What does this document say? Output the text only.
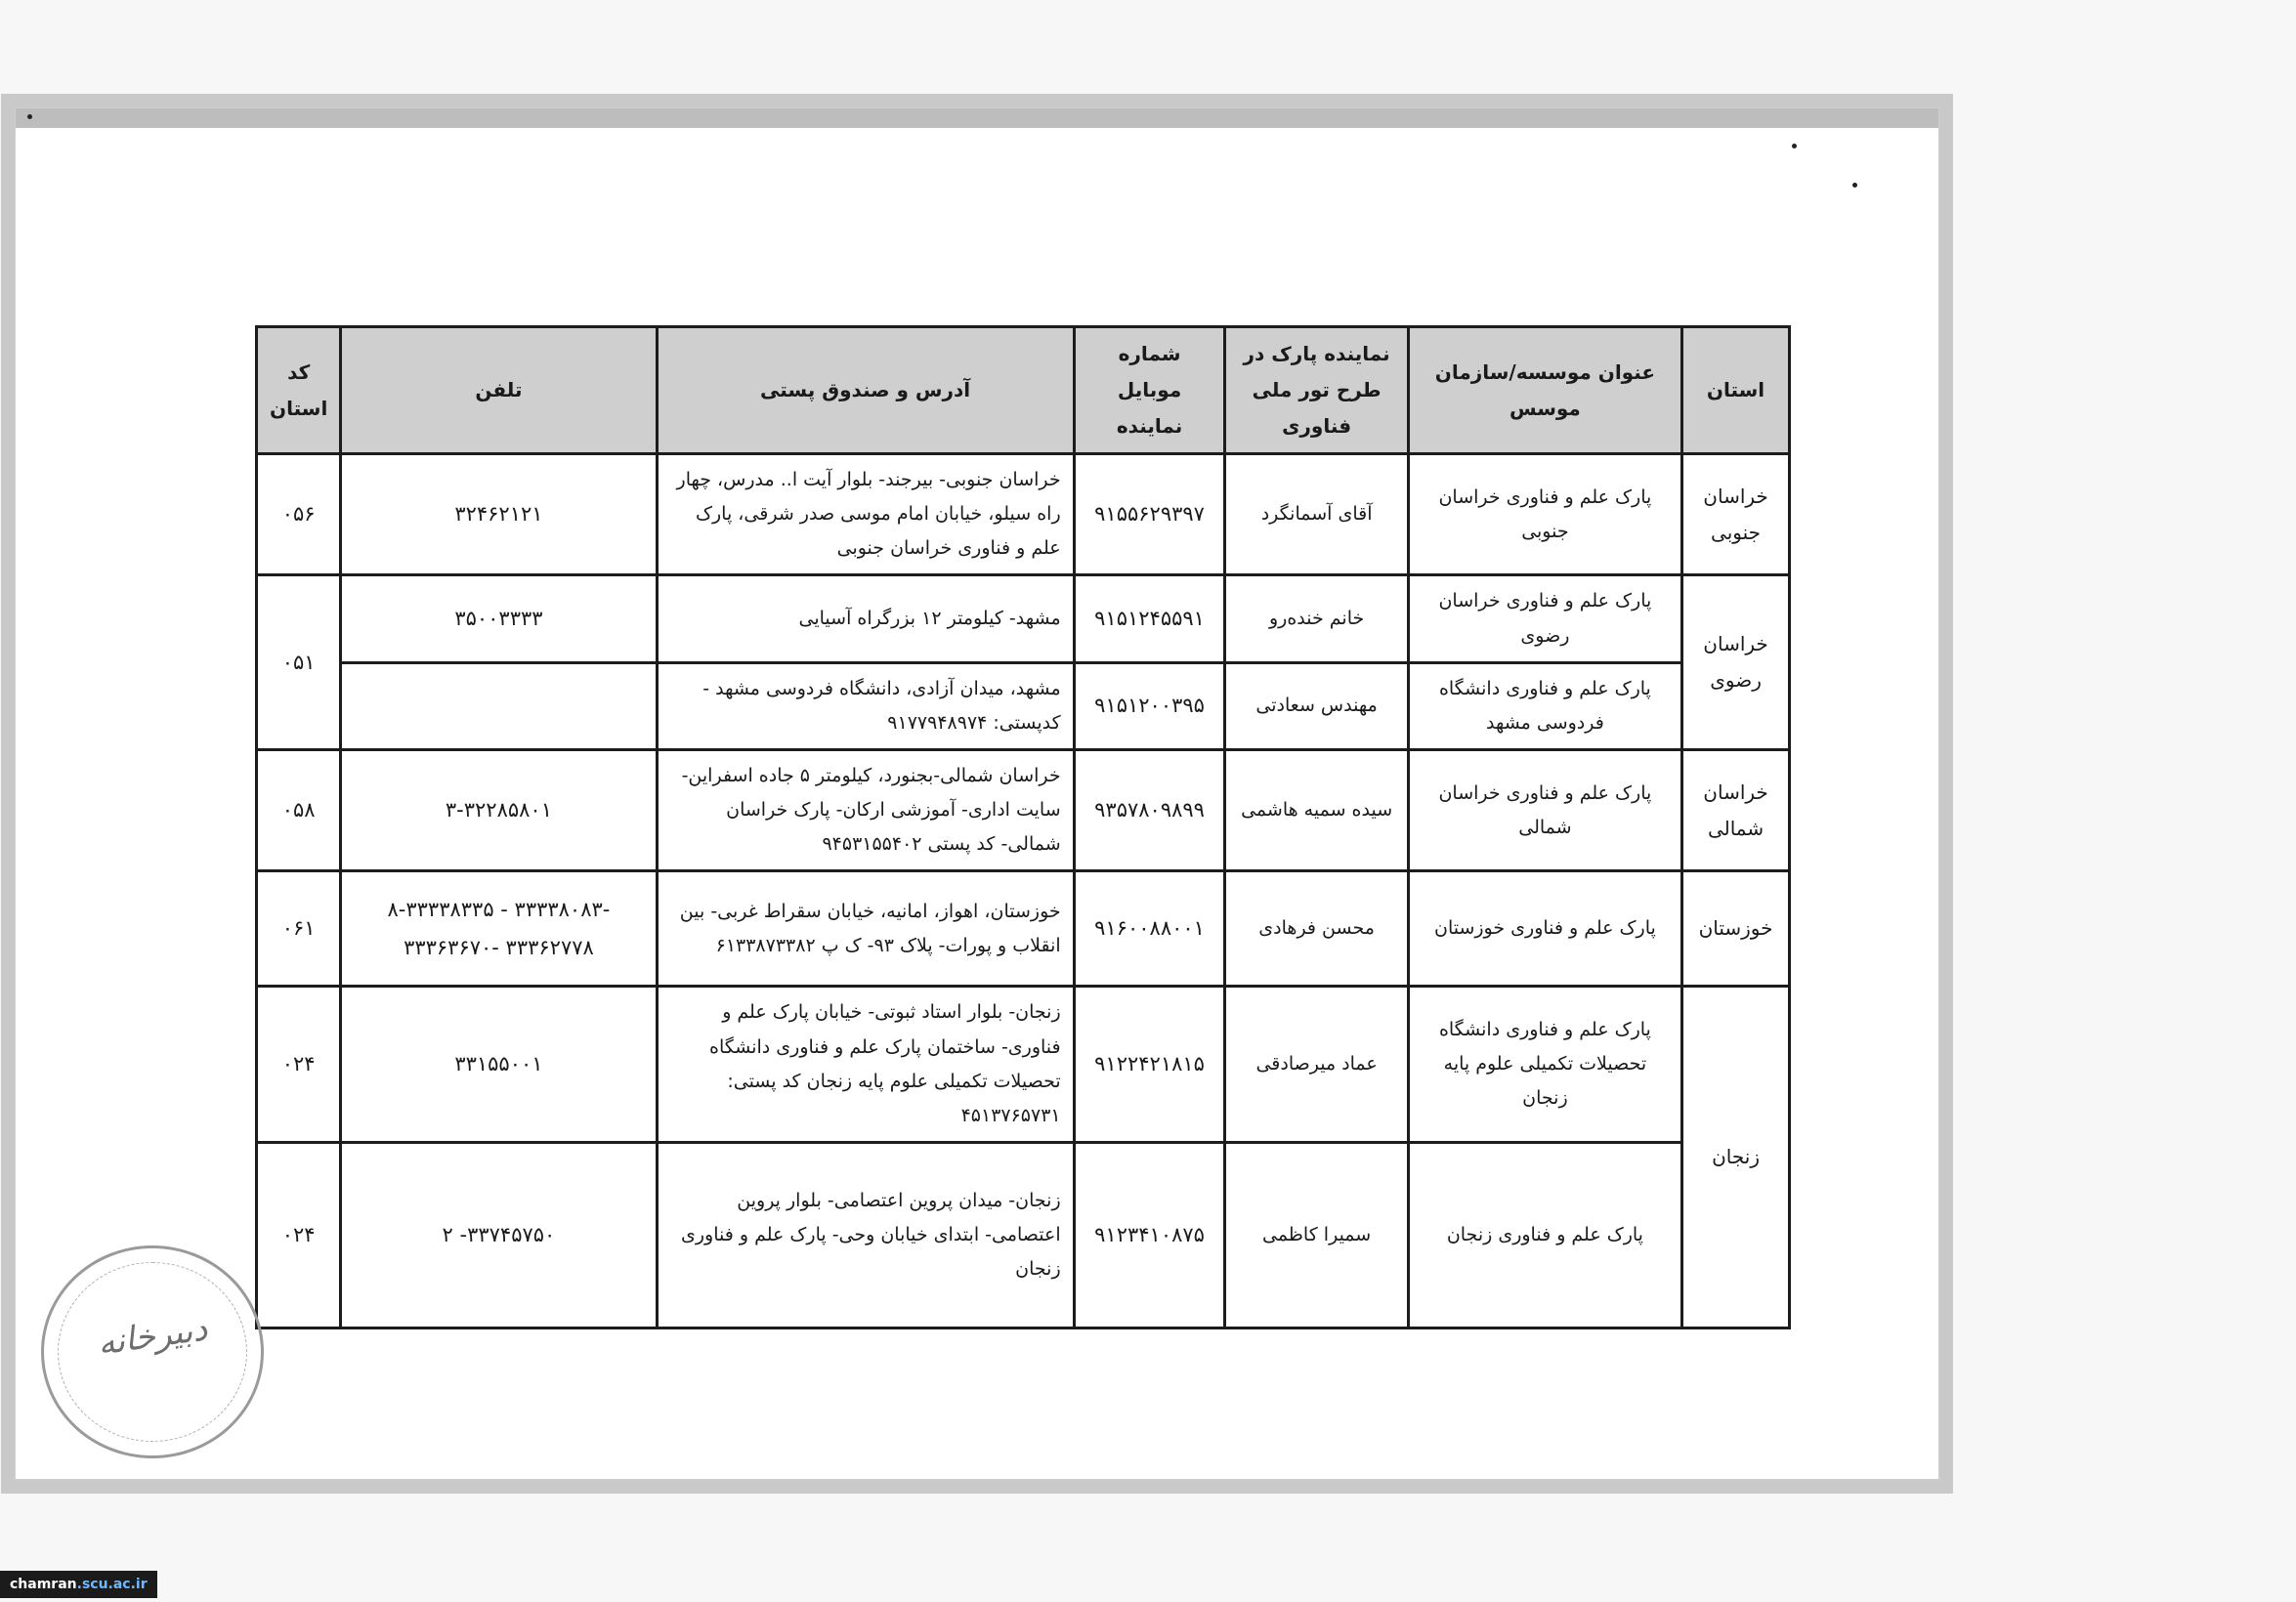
استان	عنوان موسسه/سازمان موسس	نماینده پارک در طرح تور ملی فناوری	شماره موبایل نماینده	آدرس و صندوق پستی	تلفن	کد استان
خراسان جنوبی	پارک علم و فناوری خراسان جنوبی	آقای آسمانگرد	۹۱۵۵۶۲۹۳۹۷	خراسان جنوبی- بیرجند- بلوار آیت ا.. مدرس، چهار راه سیلو، خیابان امام موسی صدر شرقی، پارک علم و فناوری خراسان جنوبی	۳۲۴۶۲۱۲۱	۰۵۶
خراسان رضوی	پارک علم و فناوری خراسان رضوی	خانم خندەرو	۹۱۵۱۲۴۵۵۹۱	مشهد- کیلومتر ۱۲ بزرگراه آسیایی	۳۵۰۰۳۳۳۳	۰۵۱
	پارک علم و فناوری دانشگاه فردوسی مشهد	مهندس سعادتی	۹۱۵۱۲۰۰۳۹۵	مشهد، میدان آزادی، دانشگاه فردوسی مشهد - کدپستی: ۹۱۷۷۹۴۸۹۷۴		
خراسان شمالی	پارک علم و فناوری خراسان شمالی	سیده سمیه هاشمی	۹۳۵۷۸۰۹۸۹۹	خراسان شمالی-بجنورد، کیلومتر ۵ جاده اسفراین- سایت اداری- آموزشی ارکان- پارک خراسان شمالی- کد پستی ۹۴۵۳۱۵۵۴۰۲	۳-۳۲۲۸۵۸۰۱	۰۵۸
خوزستان	پارک علم و فناوری خوزستان	محسن فرهادی	۹۱۶۰۰۸۸۰۰۱	خوزستان، اهواز، امانیه، خیابان سقراط غربی- بین انقلاب و پورات- پلاک ۹۳- ک پ ۶۱۳۳۸۷۳۳۸۲	۸-۳۳۳۳۸۳۳۵ - ۳۳۳۳۸۰۸۳- ۳۳۳۶۳۶۷۰- ۳۳۳۶۲۷۷۸	۰۶۱
زنجان	پارک علم و فناوری دانشگاه تحصیلات تکمیلی علوم پایه زنجان	عماد میرصادقی	۹۱۲۲۴۲۱۸۱۵	زنجان- بلوار استاد ثبوتی- خیابان پارک علم و فناوری- ساختمان پارک علم و فناوری دانشگاه تحصیلات تکمیلی علوم پایه زنجان کد پستی: ۴۵۱۳۷۶۵۷۳۱	۳۳۱۵۵۰۰۱	۰۲۴
	پارک علم و فناوری زنجان	سمیرا کاظمی	۹۱۲۳۴۱۰۸۷۵	زنجان- میدان پروین اعتصامی- بلوار پروین اعتصامی- ابتدای خیابان وحی- پارک علم و فناوری زنجان	۲ -۳۳۷۴۵۷۵۰	۰۲۴
دبیرخانه
chamran.scu.ac.ir
